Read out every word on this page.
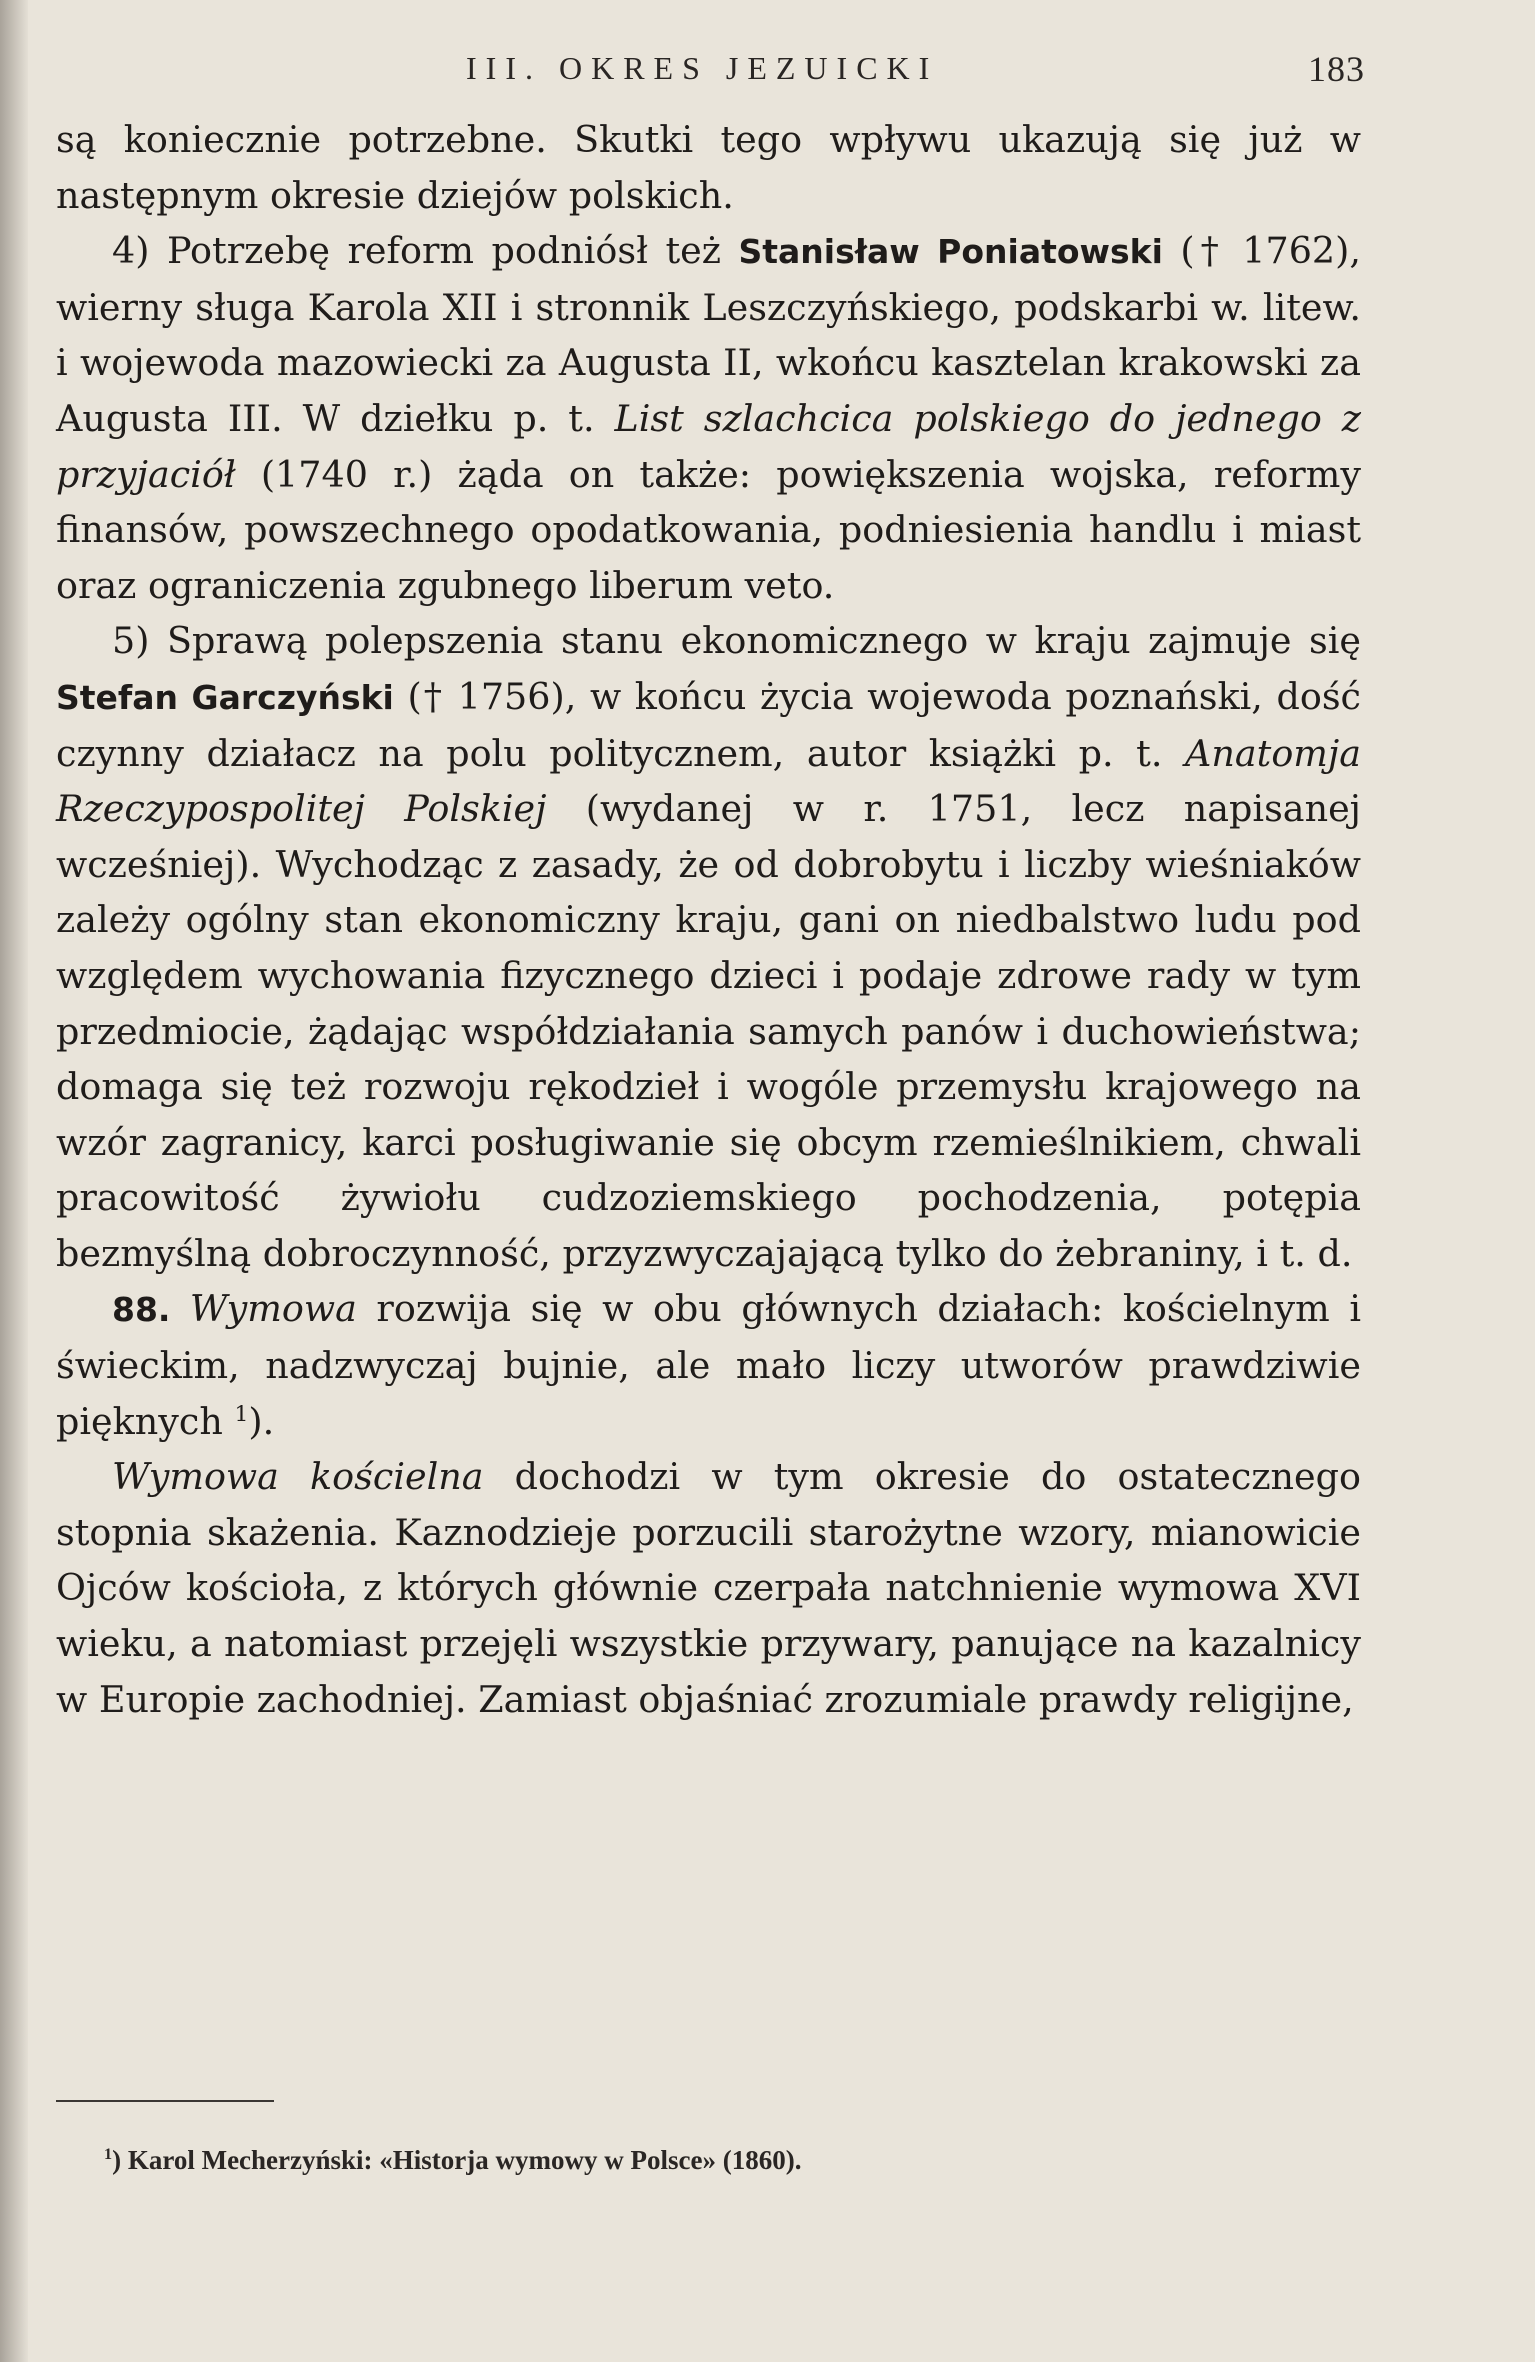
III. OKRES JEZUICKI	183

są koniecznie potrzebne. Skutki tego wpływu ukazują się już w następnym okresie dziejów polskich.

4) Potrzebę reform podniósł też Stanisław Poniatowski († 1762), wierny sługa Karola XII i stronnik Leszczyńskiego, podskarbi w. litew. i wojewoda mazowiecki za Augusta II, wkońcu kasztelan krakowski za Augusta III. W dziełku p. t. List szlachcica polskiego do jednego z przyjaciół (1740 r.) żąda on także: powiększenia wojska, reformy finansów, powszechnego opodatkowania, podniesienia handlu i miast oraz ograniczenia zgubnego liberum veto.

5) Sprawą polepszenia stanu ekonomicznego w kraju zajmuje się Stefan Garczyński († 1756), w końcu życia wojewoda poznański, dość czynny działacz na polu politycznem, autor książki p. t. Anatomja Rzeczypospolitej Polskiej (wydanej w r. 1751, lecz napisanej wcześniej). Wychodząc z zasady, że od dobrobytu i liczby wieśniaków zależy ogólny stan ekonomiczny kraju, gani on niedbalstwo ludu pod względem wychowania fizycznego dzieci i podaje zdrowe rady w tym przedmiocie, żądając współdziałania samych panów i duchowieństwa; domaga się też rozwoju rękodzieł i wogóle przemysłu krajowego na wzór zagranicy, karci posługiwanie się obcym rzemieślnikiem, chwali pracowitość żywiołu cudzoziemskiego pochodzenia, potępia bezmyślną dobroczynność, przyzwyczajającą tylko do żebraniny, i t. d.

88. Wymowa rozwija się w obu głównych działach: kościelnym i świeckim, nadzwyczaj bujnie, ale mało liczy utworów prawdziwie pięknych $^1$).

Wymowa kościelna dochodzi w tym okresie do ostatecznego stopnia skażenia. Kaznodzieje porzucili starożytne wzory, mianowicie Ojców kościoła, z których głównie czerpała natchnienie wymowa XVI wieku, a natomiast przejęli wszystkie przywary, panujące na kazalnicy w Europie zachodniej. Zamiast objaśniać zrozumiale prawdy religijne,

$^1$) Karol Mecherzyński: «Historja wymowy w Polsce» (1860).
